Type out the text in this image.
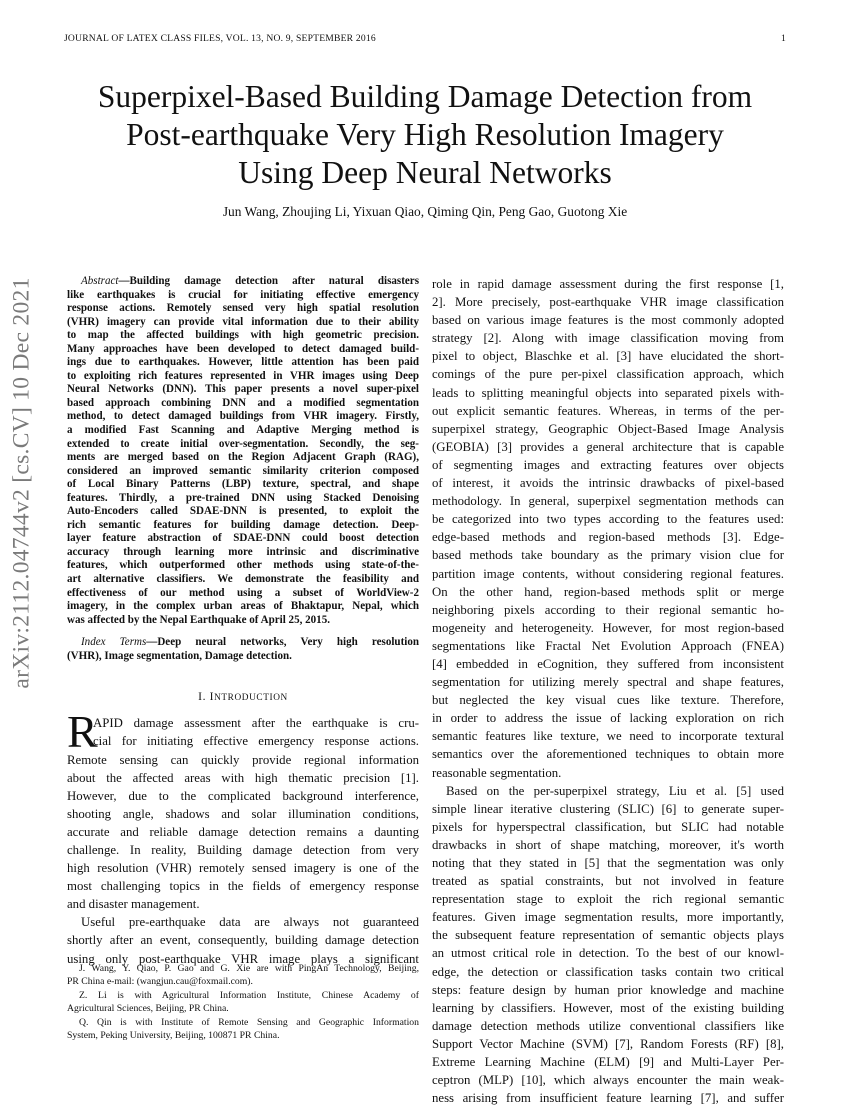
JOURNAL OF LATEX CLASS FILES, VOL. 13, NO. 9, SEPTEMBER 2016	1
arXiv:2112.04744v2 [cs.CV] 10 Dec 2021
Superpixel-Based Building Damage Detection from
Post-earthquake Very High Resolution Imagery
Using Deep Neural Networks
Jun Wang, Zhoujing Li, Yixuan Qiao, Qiming Qin, Peng Gao, Guotong Xie
Abstract—Building damage detection after natural disasters
like earthquakes is crucial for initiating effective emergency
response actions. Remotely sensed very high spatial resolution
(VHR) imagery can provide vital information due to their ability
to map the affected buildings with high geometric precision.
Many approaches have been developed to detect damaged build-
ings due to earthquakes. However, little attention has been paid
to exploiting rich features represented in VHR images using Deep
Neural Networks (DNN). This paper presents a novel super-pixel
based approach combining DNN and a modified segmentation
method, to detect damaged buildings from VHR imagery. Firstly,
a modified Fast Scanning and Adaptive Merging method is
extended to create initial over-segmentation. Secondly, the seg-
ments are merged based on the Region Adjacent Graph (RAG),
considered an improved semantic similarity criterion composed
of Local Binary Patterns (LBP) texture, spectral, and shape
features. Thirdly, a pre-trained DNN using Stacked Denoising
Auto-Encoders called SDAE-DNN is presented, to exploit the
rich semantic features for building damage detection. Deep-
layer feature abstraction of SDAE-DNN could boost detection
accuracy through learning more intrinsic and discriminative
features, which outperformed other methods using state-of-the-
art alternative classifiers. We demonstrate the feasibility and
effectiveness of our method using a subset of WorldView-2
imagery, in the complex urban areas of Bhaktapur, Nepal, which
was affected by the Nepal Earthquake of April 25, 2015.
Index Terms—Deep neural networks, Very high resolution
(VHR), Image segmentation, Damage detection.
I. INTRODUCTION
R
APID damage assessment after the earthquake is cru-
cial for initiating effective emergency response actions.
Remote sensing can quickly provide regional information
about the affected areas with high thematic precision [1].
However, due to the complicated background interference,
shooting angle, shadows and solar illumination conditions,
accurate and reliable damage detection remains a daunting
challenge. In reality, Building damage detection from very
high resolution (VHR) remotely sensed imagery is one of the
most challenging topics in the fields of emergency response
and disaster management.
Useful pre-earthquake data are always not guaranteed
shortly after an event, consequently, building damage detection
using only post-earthquake VHR image plays a significant

J. Wang, Y. Qiao, P. Gao and G. Xie are with PingAn Technology, Beijing,
PR China e-mail: (wangjun.cau@foxmail.com).

Z. Li is with Agricultural Information Institute, Chinese Academy of
Agricultural Sciences, Beijing, PR China.

Q. Qin is with Institute of Remote Sensing and Geographic Information
System, Peking University, Beijing, 100871 PR China.

role in rapid damage assessment during the first response [1,
2]. More precisely, post-earthquake VHR image classification
based on various image features is the most commonly adopted
strategy [2]. Along with image classification moving from
pixel to object, Blaschke et al. [3] have elucidated the short-
comings of the pure per-pixel classification approach, which
leads to splitting meaningful objects into separated pixels with-
out explicit semantic features. Whereas, in terms of the per-
superpixel strategy, Geographic Object-Based Image Analysis
(GEOBIA) [3] provides a general architecture that is capable
of segmenting images and extracting features over objects
of interest, it avoids the intrinsic drawbacks of pixel-based
methodology. In general, superpixel segmentation methods can
be categorized into two types according to the features used:
edge-based methods and region-based methods [3]. Edge-
based methods take boundary as the primary vision clue for
partition image contents, without considering regional features.
On the other hand, region-based methods split or merge
neighboring pixels according to their regional semantic ho-
mogeneity and heterogeneity. However, for most region-based
segmentations like Fractal Net Evolution Approach (FNEA)
[4] embedded in eCognition, they suffered from inconsistent
segmentation for utilizing merely spectral and shape features,
but neglected the key visual cues like texture. Therefore,
in order to address the issue of lacking exploration on rich
semantic features like texture, we need to incorporate textural
semantics over the aforementioned techniques to obtain more
reasonable segmentation.
Based on the per-superpixel strategy, Liu et al. [5] used
simple linear iterative clustering (SLIC) [6] to generate super-
pixels for hyperspectral classification, but SLIC had notable
drawbacks in short of shape matching, moreover, it's worth
noting that they stated in [5] that the segmentation was only
treated as spatial constraints, but not involved in feature
representation stage to exploit the rich regional semantic
features. Given image segmentation results, more importantly,
the subsequent feature representation of semantic objects plays
an utmost critical role in detection. To the best of our knowl-
edge, the detection or classification tasks contain two critical
steps: feature design by human prior knowledge and machine
learning by classifiers. However, most of the existing building
damage detection methods utilize conventional classifiers like
Support Vector Machine (SVM) [7], Random Forests (RF) [8],
Extreme Learning Machine (ELM) [9] and Multi-Layer Per-
ceptron (MLP) [10], which always encounter the main weak-
ness arising from insufficient feature learning [7], and suffer
